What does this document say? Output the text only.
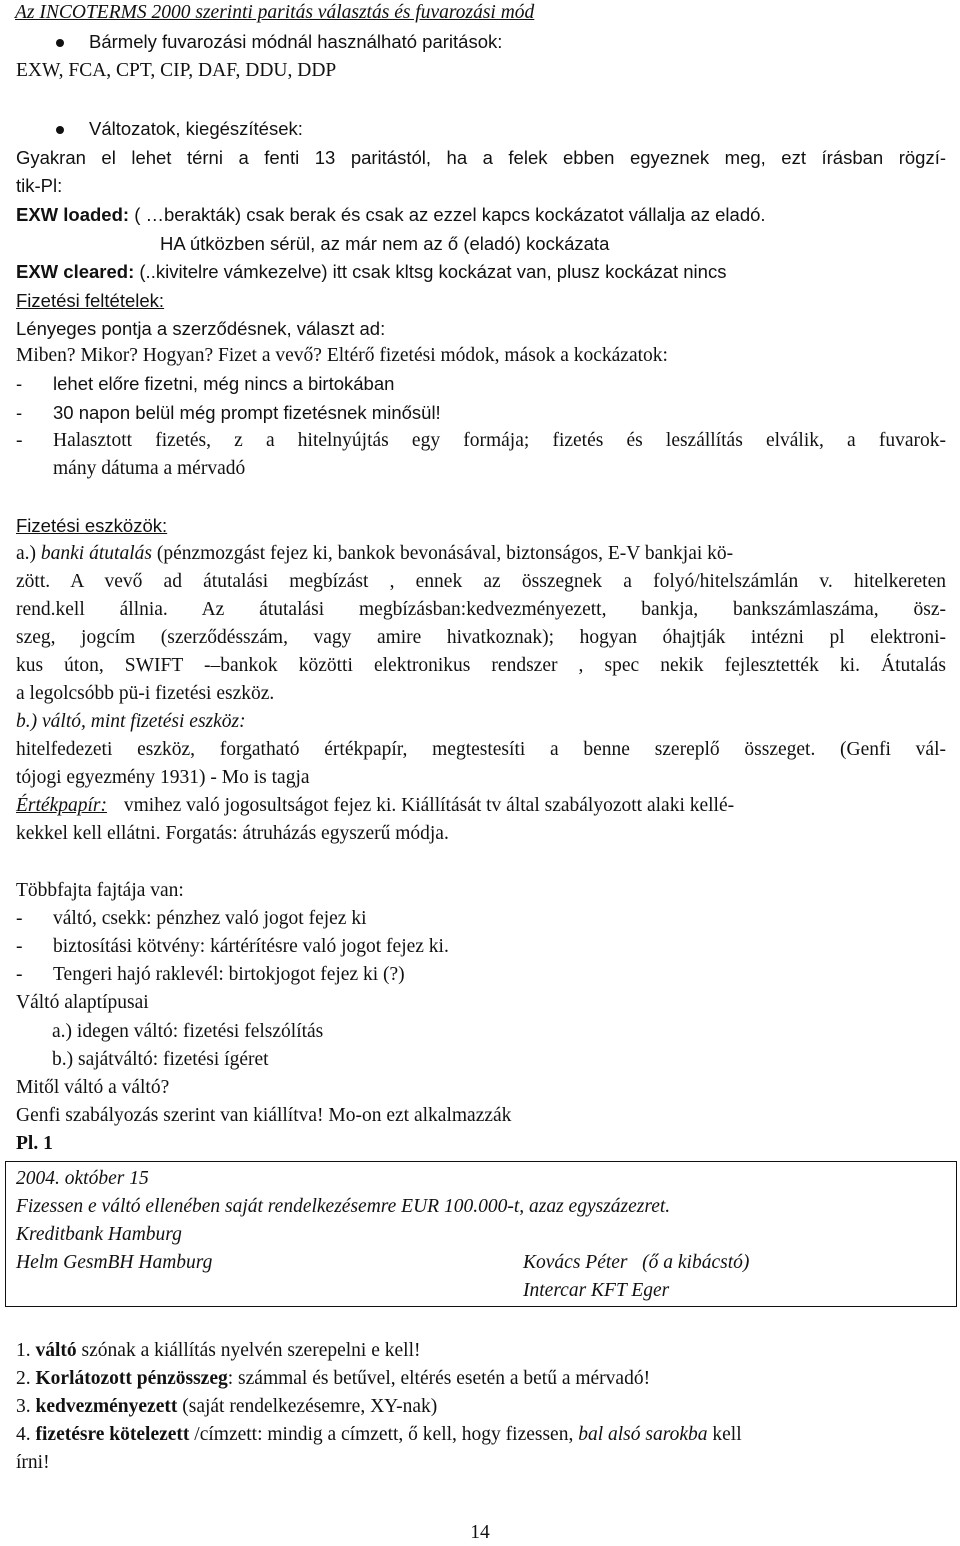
Az INCOTERMS 2000 szerinti paritás választás és fuvarozási mód
Bármely fuvarozási módnál használható paritások:
EXW, FCA, CPT, CIP, DAF, DDU, DDP
Változatok, kiegészítések:
Gyakran el lehet térni a fenti 13 paritástól, ha a felek ebben egyeznek meg, ezt írásban rögzí-
tik-Pl:
EXW loaded: ( …berakták) csak berak és csak az ezzel kapcs kockázatot vállalja az eladó.
HA útközben sérül, az már nem az ő (eladó) kockázata
EXW cleared: (..kivitelre vámkezelve) itt csak kltsg kockázat van, plusz kockázat nincs
Fizetési feltételek:
Lényeges pontja a szerződésnek, választ ad:
Miben? Mikor? Hogyan? Fizet a vevő? Eltérő fizetési módok, mások a kockázatok:
- lehet előre fizetni, még nincs a birtokában
- 30 napon belül még prompt fizetésnek minősül!
- Halasztott fizetés, z a hitelnyújtás egy formája; fizetés és leszállítás elválik, a fuvarok-
mány dátuma a mérvadó
Fizetési eszközök:
a.) banki átutalás (pénzmozgást fejez ki, bankok bevonásával, biztonságos, E-V bankjai kö-
zött. A vevő ad átutalási megbízást , ennek az összegnek a folyó/hitelszámlán v. hitelkereten
rend.kell állnia. Az átutalási megbízásban:kedvezményezett, bankja, bankszámlaszáma, ösz-
szeg, jogcím (szerződésszám, vagy amire hivatkoznak); hogyan óhajtják intézni pl elektroni-
kus úton, SWIFT -–bankok közötti elektronikus rendszer , spec nekik fejlesztették ki. Átutalás
a legolcsóbb pü-i fizetési eszköz.
b.) váltó, mint fizetési eszköz:
hitelfedezeti eszköz, forgatható értékpapír, megtestesíti a benne szereplő összeget. (Genfi vál-
tójogi egyezmény 1931) - Mo is tagja
Értékpapír: vmihez való jogosultságot fejez ki. Kiállítását tv által szabályozott alaki kellé-
kekkel kell ellátni. Forgatás: átruházás egyszerű módja.
Többfajta fajtája van:
- váltó, csekk: pénzhez való jogot fejez ki
- biztosítási kötvény: kártérítésre való jogot fejez ki.
- Tengeri hajó raklevél: birtokjogot fejez ki (?)
Váltó alaptípusai
a.) idegen váltó: fizetési felszólítás
b.) sajátváltó: fizetési ígéret
Mitől váltó a váltó?
Genfi szabályozás szerint van kiállítva! Mo-on ezt alkalmazzák
Pl. 1
2004. október 15
Fizessen e váltó ellenében saját rendelkezésemre EUR 100.000-t, azaz egyszázezret.
Kreditbank Hamburg
Helm GesmBH Hamburg	Kovács Péter   (ő a kibácstó)
Intercar KFT Eger
1. váltó szónak a kiállítás nyelvén szerepelni e kell!
2. Korlátozott pénzösszeg: számmal és betűvel, eltérés esetén a betű a mérvadó!
3. kedvezményezett (saját rendelkezésemre, XY-nak)
4. fizetésre kötelezett /címzett: mindig a címzett, ő kell, hogy fizessen, bal alsó sarokba kell
írni!
14
